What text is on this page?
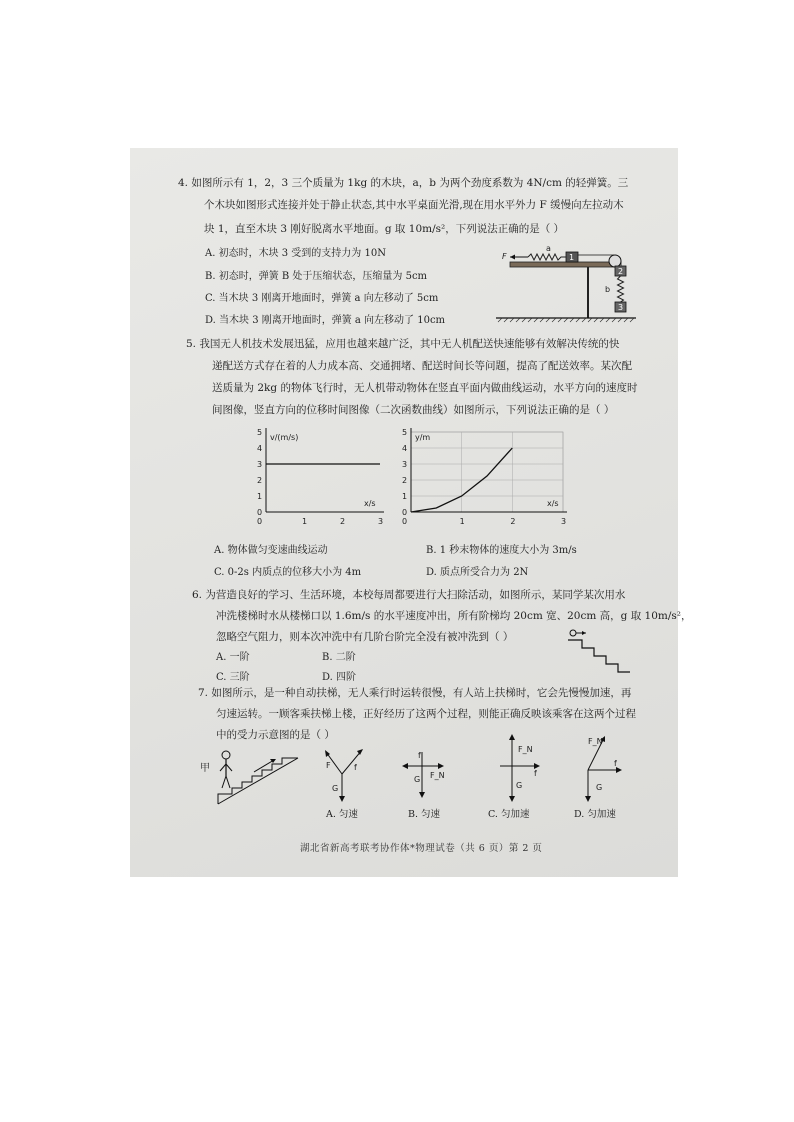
4. 如图所示有 1，2，3 三个质量为 1kg 的木块，a，b 为两个劲度系数为 4N/cm 的轻弹簧。三
个木块如图形式连接并处于静止状态,其中水平桌面光滑,现在用水平外力 F 缓慢向左拉动木
块 1，直至木块 3 刚好脱离水平地面。g 取 10m/s²，下列说法正确的是（ ）
A. 初态时，木块 3 受到的支持力为 10N
B. 初态时，弹簧 B 处于压缩状态，压缩量为 5cm
C. 当木块 3 刚离开地面时，弹簧 a 向左移动了 5cm
D. 当木块 3 刚离开地面时，弹簧 a 向左移动了 10cm
1
a
F
2
b
3
5. 我国无人机技术发展迅猛，应用也越来越广泛，其中无人机配送快速能够有效解决传统的快
递配送方式存在着的人力成本高、交通拥堵、配送时间长等问题，提高了配送效率。某次配
送质量为 2kg 的物体飞行时，无人机带动物体在竖直平面内做曲线运动，水平方向的速度时
间图像，竖直方向的位移时间图像（二次函数曲线）如图所示，下列说法正确的是（ ）
0
1
2
3
4
5
1	2	3
0
v/(m/s)
x/s
0
1
2
3
4
5
1	2	3
0
y/m
x/s
A. 物体做匀变速曲线运动	B. 1 秒末物体的速度大小为 3m/s
C. 0-2s 内质点的位移大小为 4m	D. 质点所受合力为 2N
6. 为营造良好的学习、生活环境，本校每周都要进行大扫除活动，如图所示，某同学某次用水
冲洗楼梯时水从楼梯口以 1.6m/s 的水平速度冲出，所有阶梯均 20cm 宽、20cm 高，g 取 10m/s²，
忽略空气阻力，则本次冲洗中有几阶台阶完全没有被冲洗到（ ）
A. 一阶	B. 二阶
C. 三阶	D. 四阶
7. 如图所示，是一种自动扶梯，无人乘行时运转很慢，有人站上扶梯时，它会先慢慢加速，再
匀速运转。一顾客乘扶梯上楼，正好经历了这两个过程，则能正确反映该乘客在这两个过程
中的受力示意图的是（ ）
甲	F	f
G
f
G F_N
F_N
f
G
F_N
f
G
A. 匀速	B. 匀速	C. 匀加速	D. 匀加速
湖北省新高考联考协作体*物理试卷（共 6 页）第 2 页
